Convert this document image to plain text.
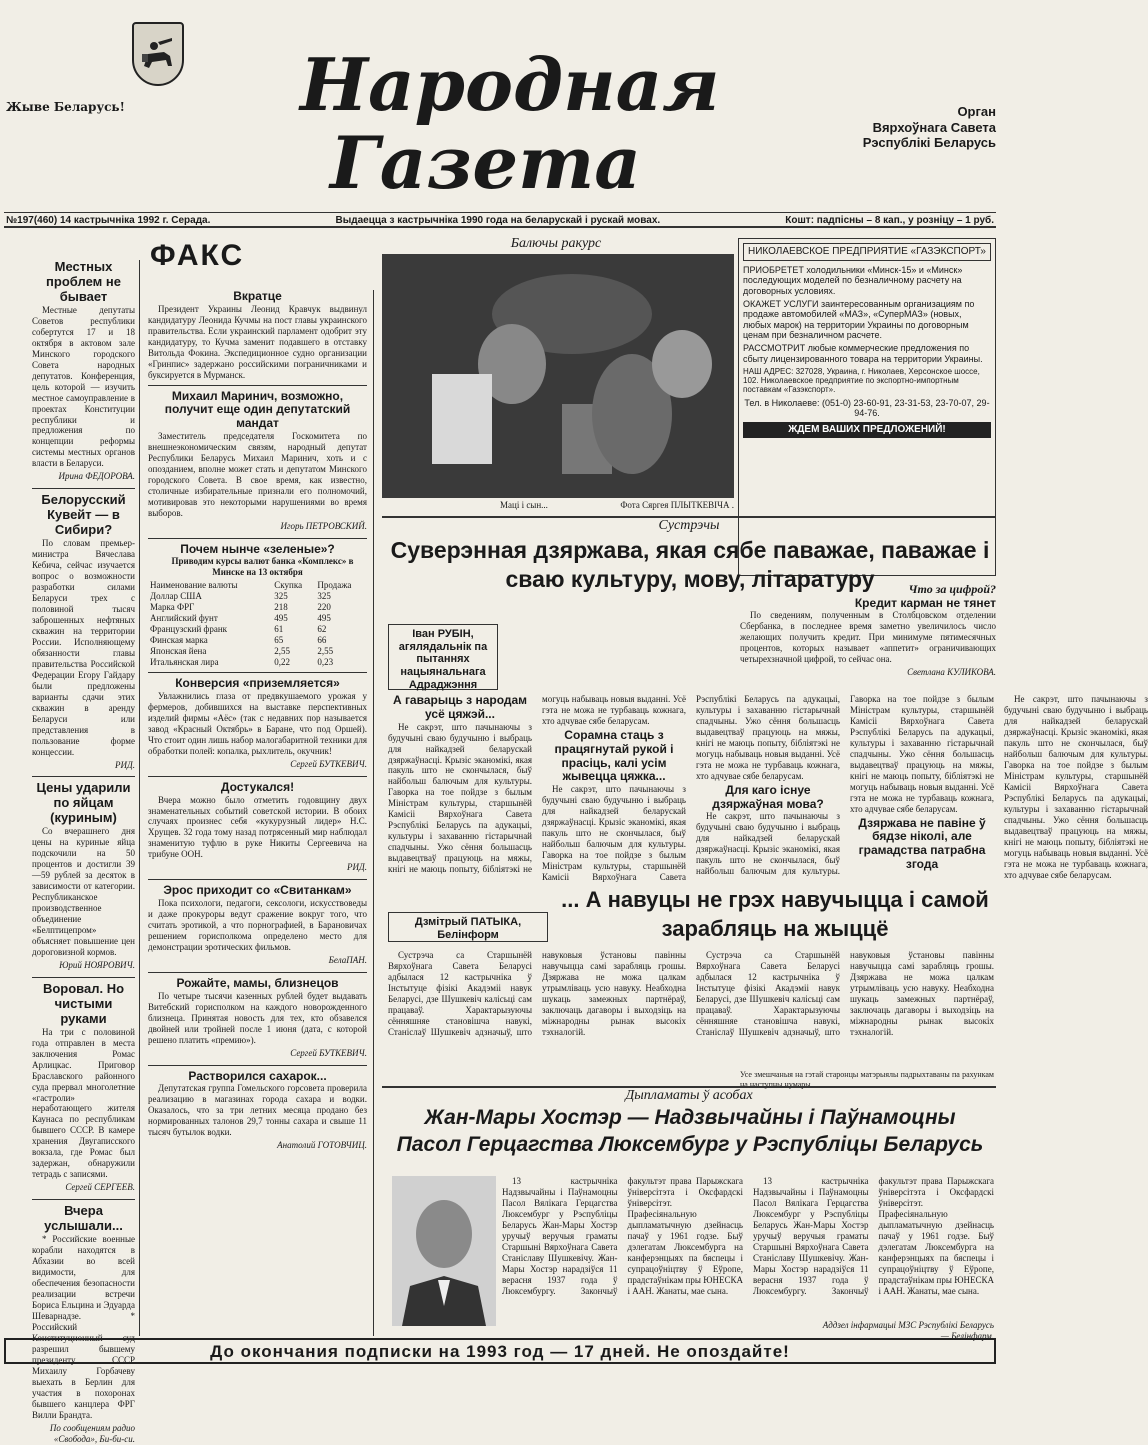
Жыве Беларусь! Народная
Газета
Орган
Вярхоўнага Савета
Рэспублікі Беларусь
№197(460) 14 кастрычніка 1992 г. Серада.	Выдаецца з кастрычніка 1990 года на беларускай і рускай мовах.	Кошт: падпісны – 8 кап., у розніцу – 1 руб.
ФАКС
Местных проблем не бывает

Местные депутаты Советов республики собертутся 17 и 18 октября в актовом зале Минского городского Совета народных депутатов. Конференция, цель которой — изучить местное самоуправление в проектах Конституции республики и предложения по концепции реформы системы местных органов власти в Беларуси.

Ирина ФЕДОРОВА.
Белорусский Кувейт — в Сибири?

По словам премьер-министра Вячеслава Кебича, сейчас изучается вопрос о возможности разработки силами Беларуси трех с половиной тысяч заброшенных нефтяных скважин на территории России. Исполняющему обязанности главы правительства Российской Федерации Егору Гайдару были предложены варианты сдачи этих скважин в аренду Беларуси или представления в пользование форме концессии.

РИД.
Цены ударили по яйцам (куриным)

Со вчерашнего дня цены на куриные яйца подскочили на 50 процентов и достигли 39—59 рублей за десяток в зависимости от категории. Республиканское производственное объединение «Белптицепром» объясняет повышение цен дороговизной кормов.

Юрий НОЯРОВИЧ.
Ворoвал. Но чистыми руками

На три с половиной года отправлен в места заключения Ромас Арлицкас. Приговор Браславского районного суда прервал многолетние «гастроли» неработающего жителя Каунаса по республикам бывшего СССР. В камере хранения Двугаписского вокзала, где Ромас был задержан, обнаружили тетрадь с записями.

Сергей СЕРГЕЕВ.
Вчера услышали...

* Российские военные корабли находятся в Абхазии во всей видимости, для обеспечения безопасности реализации встречи Бориса Ельцина и Эдуарда Шеварнадзе. * Российский Конституционный суд разрешил бывшему президенту СССР Михаилу Горбачеву выехать в Берлин для участия в похоронах бывшего канцлера ФРГ Вилли Брандта.

По сообщениям радио «Свобода», Би-би-си.
Вкратце

Президент Украины Леонид Кравчук выдвинул кандидатуру Леонида Кучмы на пост главы украинского правительства. Если украинский парламент одобрит эту кандидатуру, то Кучма заменит подавшего в отставку Витольда Фокина. Экспедиционное судно организации «Гринпис» задержано российскими пограничниками и буксируется в Мурманск.

Михаил Маринич, возможно, получит еще один депутатский мандат

Заместитель председателя Госкомитета по внешнеэкономическим связям, народный депутат Республики Беларусь Михаил Маринич, хоть и с опозданием, вполне может стать и депутатом Минского городского Совета. В свое время, как известно, столичные избирательные признали его полномочий, мотивировав это некоторыми нарушениями во время выборов.

Игорь ПЕТРОВСКИЙ.
Почем нынче «зеленые»?

Приводим курсы валют банка «Комплекс» в Минске на 13 октября

Наименование валюты	Скупка	Продажа
Доллар США	325	325
Марка ФРГ	218	220
Английский фунт	495	495
Французский франк	61	62
Финская марка	65	66
Японская йена	2,55	2,55
Итальянская лира	0,22	0,23
Конверсия «приземляется»

Увлажнились глаза от предвкушаемого урожая у фермеров, добившихся на выставке перспективных изделий фирмы «Аёс» (так с недавних пор называется завод «Красный Октябрь» в Баране, что под Оршей). Что стоит один лишь набор малогабаритной техники для обработки полей: копалка, рыхлитель, окучник!

Сергей БУТКЕВИЧ.
Достукался!

Вчера можно было отметить годовщину двух знаменательных событий советской истории. В обоих случаях произнес себя «кукурузный лидер» Н.С. Хрущев. 32 года тому назад потрясенный мир наблюдал знаменитую туфлю в руке Никиты Сергеевича на трибуне ООН.

РИД.
Эрос приходит со «Свитанкам»

Пока психологи, педагоги, сексологи, искусствоведы и даже прокуроры ведут сражение вокруг того, что считать эротикой, а что порнографией, в Барановичах решением горисполкома определено место для демонстрации эротических фильмов.

БелаПАН.
Рожайте, мамы, близнецов

По четыре тысячи казенных рублей будет выдавать Витебский горисполком на каждого новорожденного близнеца. Принятая новость для тех, кто обзавелся двойней или тройней после 1 июня (дата, с которой решено платить «премию»).

Сергей БУТКЕВИЧ.
Растворился сахарок...

Депутатская группа Гомельского горсовета проверила реализацию в магазинах города сахара и водки. Оказалось, что за три летних месяца продано без нормированных талонов 29,7 тонны сахара и свыше 11 тысяч бутылок водки.

Анатолий ГОТОВЧИЦ.
Балючы ракурс
Маці і сын...	Фота Сяргея ПЛЫТКЕВІЧА .
НИКОЛАЕВСКОЕ ПРЕДПРИЯТИЕ «ГАЗЭКСПОРТ»
ПРИОБРЕТЕТ холодильники «Минск-15» и «Минск» последующих моделей по безналичному расчету на договорных условиях.
ОКАЖЕТ УСЛУГИ заинтересованным организациям по продаже автомобилей «МАЗ», «СуперМАЗ» (новых, любых марок) на территории Украины по договорным ценам при безналичном расчете.
РАССМОТРИТ любые коммерческие предложения по сбыту лицензированного товара на территории Украины.
НАШ АДРЕС: 327028, Украина, г. Николаев, Херсонское шоссе, 102. Николаевское предприятие по экспортно-импортным поставкам «Газэкспорт».
Тел. в Николаеве: (051-0) 23-60-91, 23-31-53, 23-70-07, 29-94-76.
ЖДЕМ ВАШИХ ПРЕДЛОЖЕНИЙ!
Что за цифрой?
Кредит карман не тянет

По сведениям, полученным в Столбцовском отделении Сбербанка, в последнее время заметно увеличилось число желающих получить кредит. При минимуме пятимесячных процентов, которых называет «аппетит» ограничивающих четырехзначной цифрой, то сейчас она.

Светлана КУЛИКОВА.
Сустрэчы
Суверэнная дзяржава, якая сябе паважае, паважае і сваю культуру, мову, літаратуру
Іван РУБІН, агялядальнік па пытаннях нацыянальнага Адраджэння
А гаварыць з народам усё цяжэй...

Не сакрэт, што пачынаючы з будучыні сваю будучыню і выбраць для найкадзей беларускай дзяржаўнасці. Крызіс эканомікі, якая пакуль што не скончылася, быў найбольш балючым для культуры. Гаворка на тое пойдзе з былым Міністрам культуры, старшынёй Камісіі Вярхоўнага Савета Рэспублікі Беларусь па адукацыі, культуры і захаванню гістарычнай спадчыны. Ужо сёння большасць выдавецтваў працуюць на мяжы, кнігі не маюць попыту, бібліятэкі не могуць набываць новыя выданні. Усё гэта не можа не турбаваць кожнага, хто адчувае сябе беларусам.

Сорамна стаць з працягнутай рукой і прасіць, калі усім жывецца цяжка...

Не сакрэт, што пачынаючы з будучыні сваю будучыню і выбраць для найкадзей беларускай дзяржаўнасці. Крызіс эканомікі, якая пакуль што не скончылася, быў найбольш балючым для культуры. Гаворка на тое пойдзе з былым Міністрам культуры, старшынёй Камісіі Вярхоўнага Савета Рэспублікі Беларусь па адукацыі, культуры і захаванню гістарычнай спадчыны. Ужо сёння большасць выдавецтваў працуюць на мяжы, кнігі не маюць попыту, бібліятэкі не могуць набываць новыя выданні. Усё гэта не можа не турбаваць кожнага, хто адчувае сябе беларусам.

Для каго існуе дзяржаўная мова?

Не сакрэт, што пачынаючы з будучыні сваю будучыню і выбраць для найкадзей беларускай дзяржаўнасці. Крызіс эканомікі, якая пакуль што не скончылася, быў найбольш балючым для культуры. Гаворка на тое пойдзе з былым Міністрам культуры, старшынёй Камісіі Вярхоўнага Савета Рэспублікі Беларусь па адукацыі, культуры і захаванню гістарычнай спадчыны. Ужо сёння большасць выдавецтваў працуюць на мяжы, кнігі не маюць попыту, бібліятэкі не могуць набываць новыя выданні. Усё гэта не можа не турбаваць кожнага, хто адчувае сябе беларусам.

Дзяржава не павіне ў бядзе ніколі, але грамадства патрабна згода

Не сакрэт, што пачынаючы з будучыні сваю будучыню і выбраць для найкадзей беларускай дзяржаўнасці. Крызіс эканомікі, якая пакуль што не скончылася, быў найбольш балючым для культуры. Гаворка на тое пойдзе з былым Міністрам культуры, старшынёй Камісіі Вярхоўнага Савета Рэспублікі Беларусь па адукацыі, культуры і захаванню гістарычнай спадчыны. Ужо сёння большасць выдавецтваў працуюць на мяжы, кнігі не маюць попыту, бібліятэкі не могуць набываць новыя выданні. Усё гэта не можа не турбаваць кожнага, хто адчувае сябе беларусам.

... А навуцы не грэх навучыцца і самой зарабляць на жыццё
Дзмітрый ПАТЫКА, Белінформ

Сустрэча са Старшынёй Вярхоўнага Савета Беларусі адбылася 12 кастрычніка ў Інстытуце фізікі Акадэміі навук Беларусі, дзе Шушкевіч калісьці сам працаваў. Характарызуючы сённяшняе становішча навукі, Станіслаў Шушкевіч адзначыў, што навуковыя ўстановы павінны навучыцца самі зарабляць грошы. Дзяржава не можа цалкам утрымліваць усю навуку. Неабходна шукаць замежных партнёраў, заключаць дагаворы і выходзіць на міжнародны рынак высокіх тэхналогій.

Сустрэча са Старшынёй Вярхоўнага Савета Беларусі адбылася 12 кастрычніка ў Інстытуце фізікі Акадэміі навук Беларусі, дзе Шушкевіч калісьці сам працаваў. Характарызуючы сённяшняе становішча навукі, Станіслаў Шушкевіч адзначыў, што навуковыя ўстановы павінны навучыцца самі зарабляць грошы. Дзяржава не можа цалкам утрымліваць усю навуку. Неабходна шукаць замежных партнёраў, заключаць дагаворы і выходзіць на міжнародны рынак высокіх тэхналогій.

Усе змешчаныя на гэтай старонцы матэрыялы падрыхтаваны па рахункам на наступны нумары.
Дыпламаты ў асобах
Жан-Мары Хостэр — Надзвычайны і Паўнамоцны Пасол Герцагства Люксембург у Рэспубліцы Беларусь

13 кастрычніка Надзвычайны і Паўнамоцны Пасол Вялікага Герцагства Люксембург у Рэспубліцы Беларусь Жан-Мары Хостэр уручыў веручыя граматы Старшыні Вярхоўнага Савета Станіславу Шушкевічу. Жан-Мары Хостэр нарадзіўся 11 верасня 1937 года ў Люксембургу. Закончыў факультэт права Парыжскага ўніверсітэта і Оксфардскі ўніверсітэт. Прафесіянальную дыпламатычную дзейнасць пачаў у 1961 годзе. Быў дэлегатам Люксембурга на канферэнцыях па бяспецы і супрацоўніцтву ў Еўропе, прадстаўнікам пры ЮНЕСКА і ААН. Жанаты, мае сына.

13 кастрычніка Надзвычайны і Паўнамоцны Пасол Вялікага Герцагства Люксембург у Рэспубліцы Беларусь Жан-Мары Хостэр уручыў веручыя граматы Старшыні Вярхоўнага Савета Станіславу Шушкевічу. Жан-Мары Хостэр нарадзіўся 11 верасня 1937 года ў Люксембургу. Закончыў факультэт права Парыжскага ўніверсітэта і Оксфардскі ўніверсітэт. Прафесіянальную дыпламатычную дзейнасць пачаў у 1961 годзе. Быў дэлегатам Люксембурга на канферэнцыях па бяспецы і супрацоўніцтву ў Еўропе, прадстаўнікам пры ЮНЕСКА і ААН. Жанаты, мае сына.

Аддзел інфармацыі МЗС Рэспублікі Беларусь — Белінфарм.
До окончания подписки на 1993 год — 17 дней. Не опоздайте!
